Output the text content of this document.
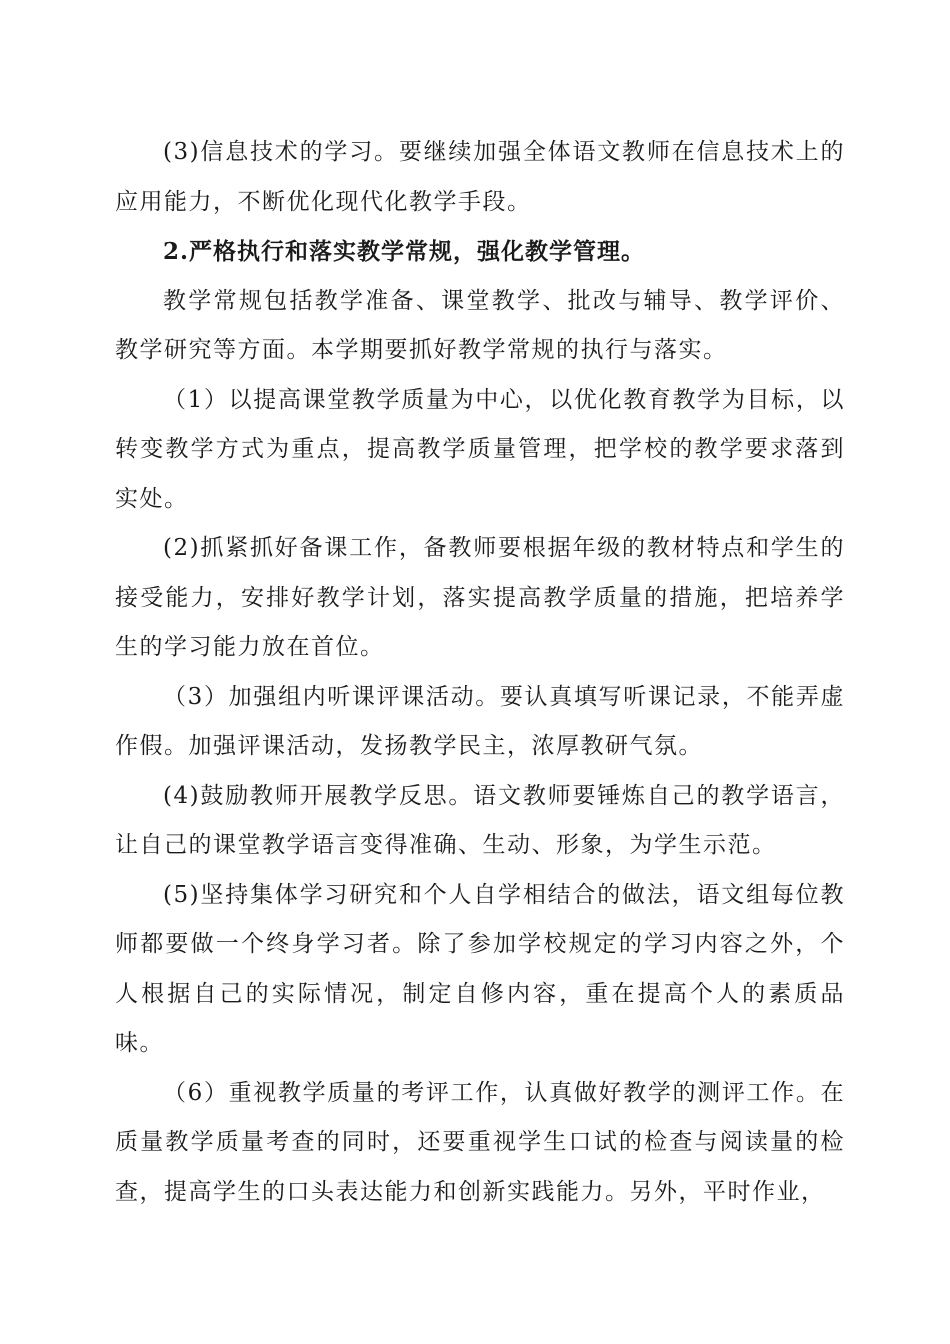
(3)信息技术的学习。要继续加强全体语文教师在信息技术上的应用能力，不断优化现代化教学手段。

2.严格执行和落实教学常规，强化教学管理。

教学常规包括教学准备、课堂教学、批改与辅导、教学评价、教学研究等方面。本学期要抓好教学常规的执行与落实。

（1）以提高课堂教学质量为中心，以优化教育教学为目标，以转变教学方式为重点，提高教学质量管理，把学校的教学要求落到实处。

(2)抓紧抓好备课工作，备教师要根据年级的教材特点和学生的接受能力，安排好教学计划，落实提高教学质量的措施，把培养学生的学习能力放在首位。

（3）加强组内听课评课活动。要认真填写听课记录，不能弄虚作假。加强评课活动，发扬教学民主，浓厚教研气氛。

(4)鼓励教师开展教学反思。语文教师要锤炼自己的教学语言，让自己的课堂教学语言变得准确、生动、形象，为学生示范。

(5)坚持集体学习研究和个人自学相结合的做法，语文组每位教师都要做一个终身学习者。除了参加学校规定的学习内容之外，个人根据自己的实际情况，制定自修内容，重在提高个人的素质品味。

（6）重视教学质量的考评工作，认真做好教学的测评工作。在质量教学质量考查的同时，还要重视学生口试的检查与阅读量的检查，提高学生的口头表达能力和创新实践能力。另外，平时作业，
